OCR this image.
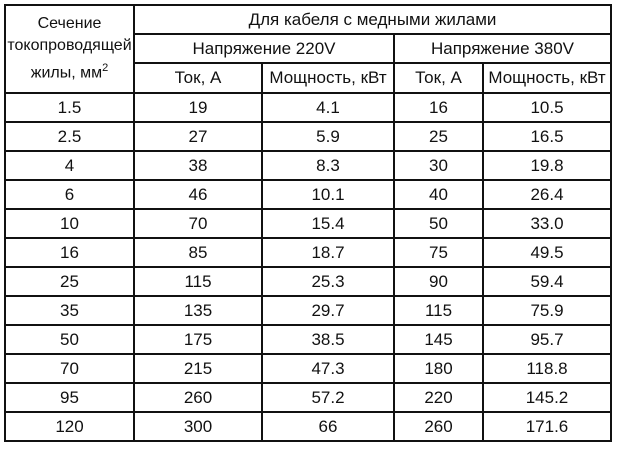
Сечение
токопроводящей
жилы, $мм^2$	Для кабеля с медными жилами			
	Напряжение 220V		Напряжение 380V	
	Ток, А	Мощность, кВт	Ток, А	Мощность, кВт
1.5	19	4.1	16	10.5
2.5	27	5.9	25	16.5
4	38	8.3	30	19.8
6	46	10.1	40	26.4
10	70	15.4	50	33.0
16	85	18.7	75	49.5
25	115	25.3	90	59.4
35	135	29.7	115	75.9
50	175	38.5	145	95.7
70	215	47.3	180	118.8
95	260	57.2	220	145.2
120	300	66	260	171.6
